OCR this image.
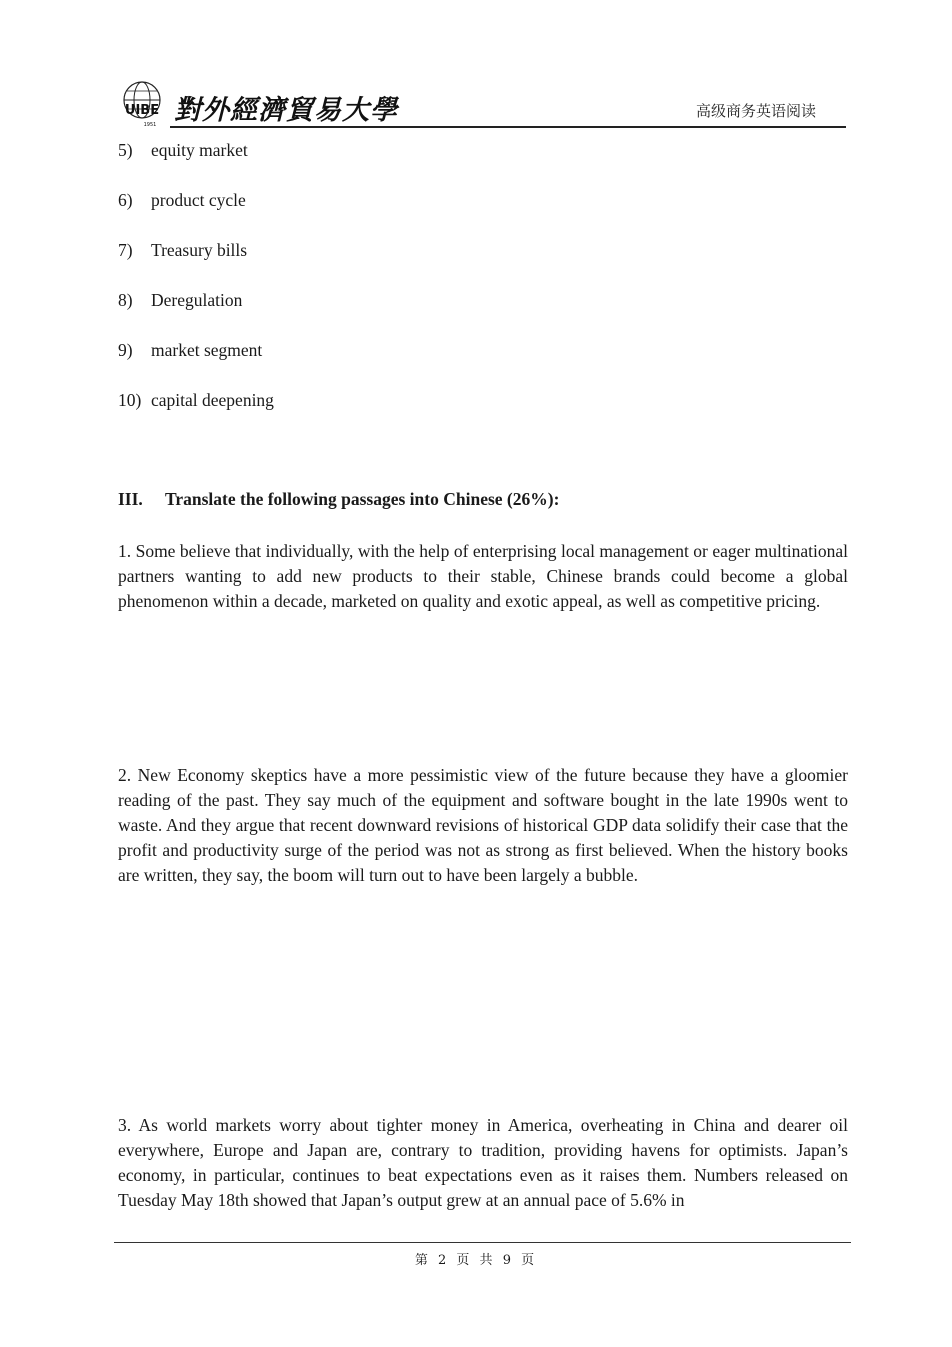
UIBE
1951 對外經濟貿易大學	高级商务英语阅读
5) equity market
6) product cycle
7) Treasury bills
8) Deregulation
9) market segment
10) capital deepening
III. Translate the following passages into Chinese (26%):
1. Some believe that individually, with the help of enterprising local management or eager multinational partners wanting to add new products to their stable, Chinese brands could become a global phenomenon within a decade, marketed on quality and exotic appeal, as well as competitive pricing.
2. New Economy skeptics have a more pessimistic view of the future because they have a gloomier reading of the past. They say much of the equipment and software bought in the late 1990s went to waste. And they argue that recent downward revisions of historical GDP data solidify their case that the profit and productivity surge of the period was not as strong as first believed. When the history books are written, they say, the boom will turn out to have been largely a bubble.
3. As world markets worry about tighter money in America, overheating in China and dearer oil everywhere, Europe and Japan are, contrary to tradition, providing havens for optimists. Japan’s economy, in particular, continues to beat expectations even as it raises them. Numbers released on Tuesday May 18th showed that Japan’s output grew at an annual pace of 5.6% in
第 2 页 共 9 页
